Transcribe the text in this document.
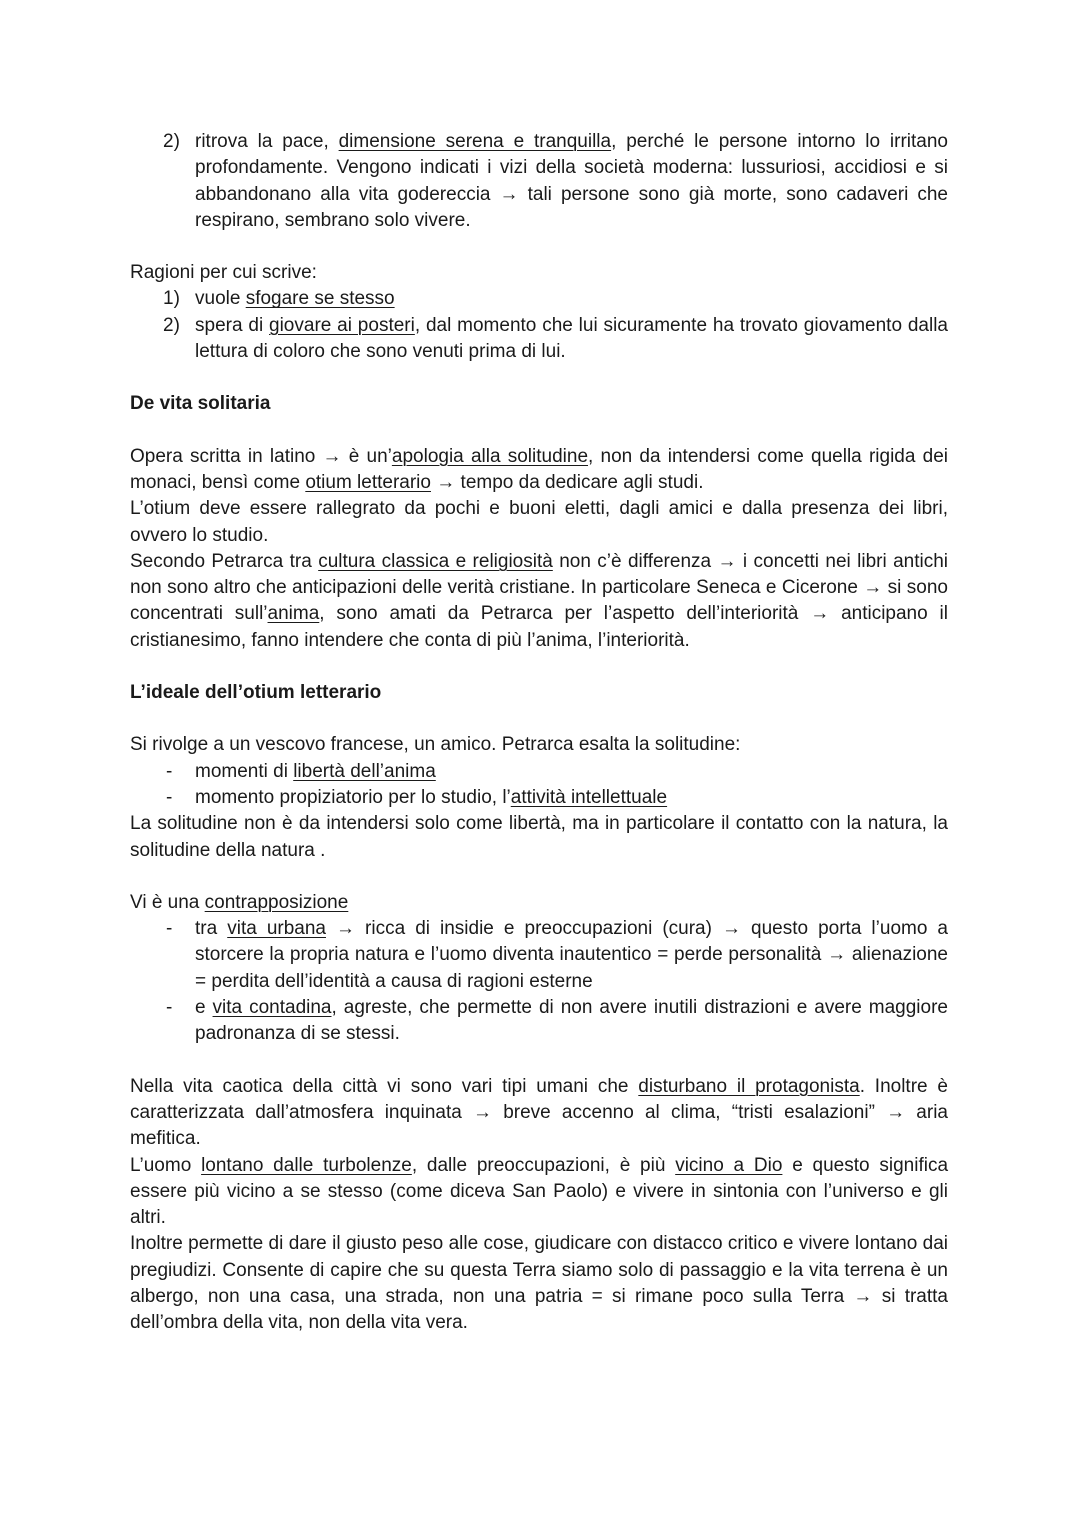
2) ritrova la pace, dimensione serena e tranquilla, perché le persone intorno lo irritano profondamente. Vengono indicati i vizi della società moderna: lussuriosi, accidiosi e si abbandonano alla vita godereccia → tali persone sono già morte, sono cadaveri che respirano, sembrano solo vivere.

Ragioni per cui scrive:

1) vuole sfogare se stesso
2) spera di giovare ai posteri, dal momento che lui sicuramente ha trovato giovamento dalla lettura di coloro che sono venuti prima di lui.

De vita solitaria

Opera scritta in latino → è un’apologia alla solitudine, non da intendersi come quella rigida dei monaci, bensì come otium letterario → tempo da dedicare agli studi.

L’otium deve essere rallegrato da pochi e buoni eletti, dagli amici e dalla presenza dei libri, ovvero lo studio.

Secondo Petrarca tra cultura classica e religiosità non c’è differenza → i concetti nei libri antichi non sono altro che anticipazioni delle verità cristiane. In particolare Seneca e Cicerone → si sono concentrati sull’anima, sono amati da Petrarca per l’aspetto dell’interiorità → anticipano il cristianesimo, fanno intendere che conta di più l’anima, l’interiorità.

L’ideale dell’otium letterario

Si rivolge a un vescovo francese, un amico. Petrarca esalta la solitudine:

- momenti di libertà dell’anima
- momento propiziatorio per lo studio, l’attività intellettuale

La solitudine non è da intendersi solo come libertà, ma in particolare il contatto con la natura, la solitudine della natura .

Vi è una contrapposizione

- tra vita urbana → ricca di insidie e preoccupazioni (cura) → questo porta l’uomo a storcere la propria natura e l’uomo diventa inautentico = perde personalità → alienazione = perdita dell’identità a causa di ragioni esterne
- e vita contadina, agreste, che permette di non avere inutili distrazioni e avere maggiore padronanza di se stessi.

Nella vita caotica della città vi sono vari tipi umani che disturbano il protagonista. Inoltre è caratterizzata dall’atmosfera inquinata → breve accenno al clima, “tristi esalazioni” → aria mefitica.

L’uomo lontano dalle turbolenze, dalle preoccupazioni, è più vicino a Dio e questo significa essere più vicino a se stesso (come diceva San Paolo) e vivere in sintonia con l’universo e gli altri.

Inoltre permette di dare il giusto peso alle cose, giudicare con distacco critico e vivere lontano dai pregiudizi. Consente di capire che su questa Terra siamo solo di passaggio e la vita terrena è un albergo, non una casa, una strada, non una patria = si rimane poco sulla Terra → si tratta dell’ombra della vita, non della vita vera.
